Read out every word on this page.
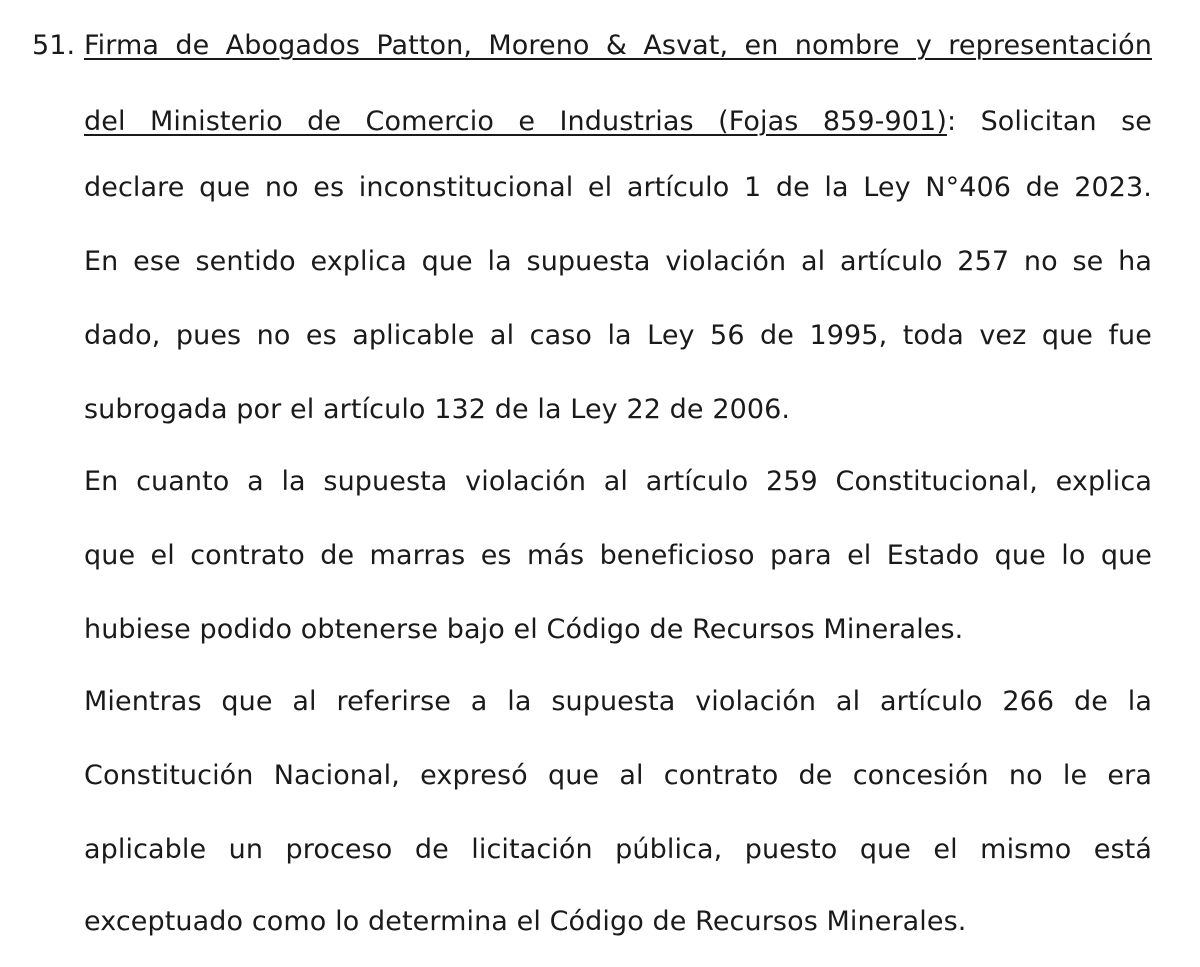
51. Firma de Abogados Patton, Moreno & Asvat, en nombre y representación
del Ministerio de Comercio e Industrias (Fojas 859-901): Solicitan se
declare que no es inconstitucional el artículo 1 de la Ley N°406 de 2023.
En ese sentido explica que la supuesta violación al artículo 257 no se ha
dado, pues no es aplicable al caso la Ley 56 de 1995, toda vez que fue
subrogada por el artículo 132 de la Ley 22 de 2006.
En cuanto a la supuesta violación al artículo 259 Constitucional, explica
que el contrato de marras es más beneficioso para el Estado que lo que
hubiese podido obtenerse bajo el Código de Recursos Minerales.
Mientras que al referirse a la supuesta violación al artículo 266 de la
Constitución Nacional, expresó que al contrato de concesión no le era
aplicable un proceso de licitación pública, puesto que el mismo está
exceptuado como lo determina el Código de Recursos Minerales.
